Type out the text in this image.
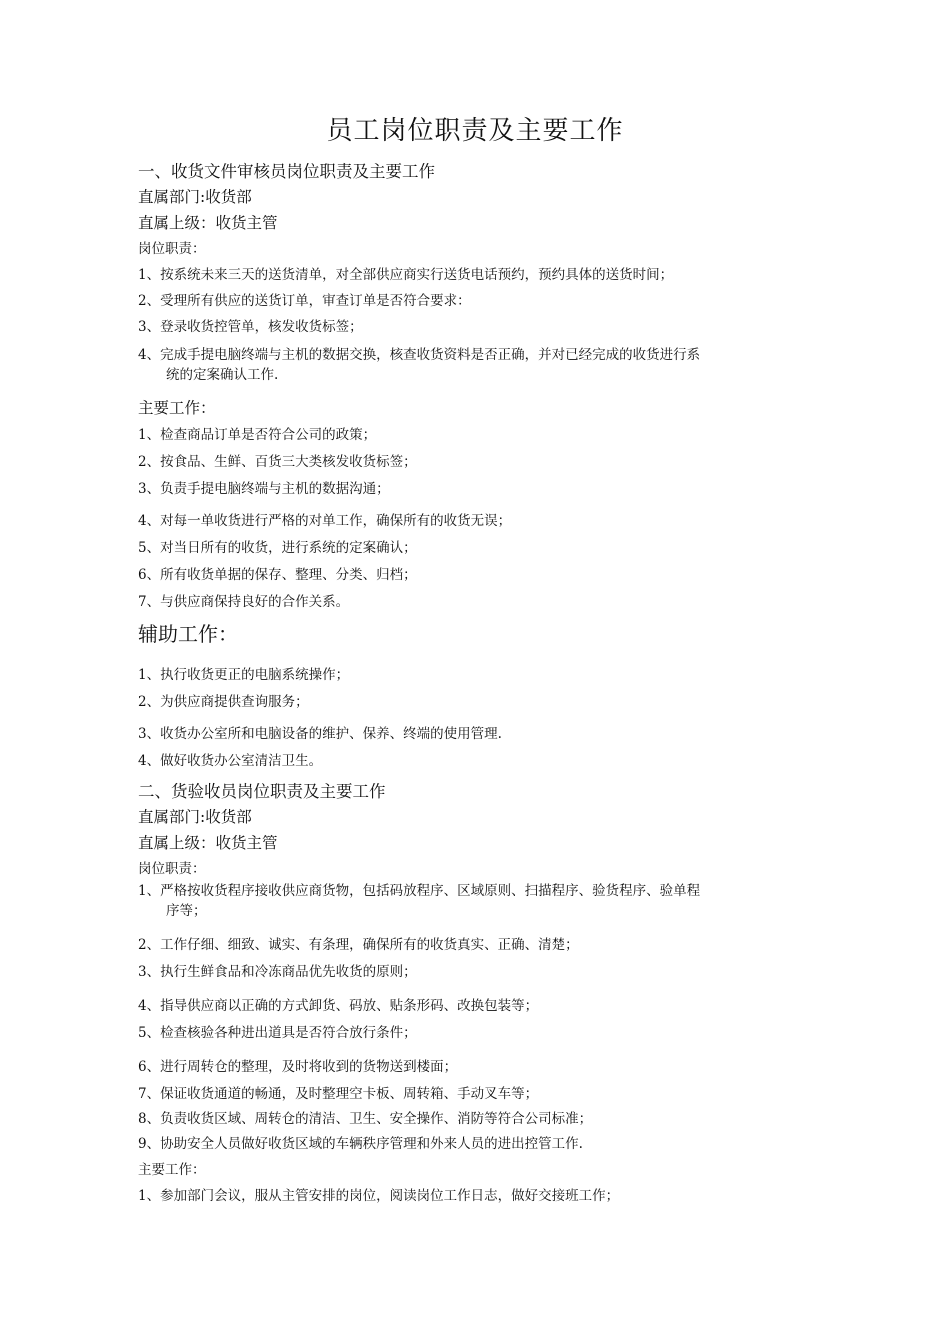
员工岗位职责及主要工作
一、收货文件审核员岗位职责及主要工作
直属部门:收货部
直属上级：收货主管
岗位职责：
1、按系统未来三天的送货清单，对全部供应商实行送货电话预约，预约具体的送货时间；
2、受理所有供应的送货订单，审查订单是否符合要求：
3、登录收货控管单，核发收货标签；
4、完成手提电脑终端与主机的数据交换，核查收货资料是否正确，并对已经完成的收货进行系
统的定案确认工作.
主要工作：
1、检查商品订单是否符合公司的政策；
2、按食品、生鲜、百货三大类核发收货标签；
3、负责手提电脑终端与主机的数据沟通；
4、对每一单收货进行严格的对单工作，确保所有的收货无误；
5、对当日所有的收货，进行系统的定案确认；
6、所有收货单据的保存、整理、分类、归档；
7、与供应商保持良好的合作关系。
辅助工作：
1、执行收货更正的电脑系统操作；
2、为供应商提供查询服务；
3、收货办公室所和电脑设备的维护、保养、终端的使用管理.
4、做好收货办公室清洁卫生。
二、货验收员岗位职责及主要工作
直属部门:收货部
直属上级：收货主管
岗位职责：
1、严格按收货程序接收供应商货物，包括码放程序、区域原则、扫描程序、验货程序、验单程
序等；
2、工作仔细、细致、诚实、有条理，确保所有的收货真实、正确、清楚；
3、执行生鲜食品和冷冻商品优先收货的原则；
4、指导供应商以正确的方式卸货、码放、贴条形码、改换包装等；
5、检查核验各种进出道具是否符合放行条件；
6、进行周转仓的整理，及时将收到的货物送到楼面；
7、保证收货通道的畅通，及时整理空卡板、周转箱、手动叉车等；
8、负责收货区域、周转仓的清洁、卫生、安全操作、消防等符合公司标准；
9、协助安全人员做好收货区域的车辆秩序管理和外来人员的进出控管工作.
主要工作：
1、参加部门会议，服从主管安排的岗位，阅读岗位工作日志，做好交接班工作；
